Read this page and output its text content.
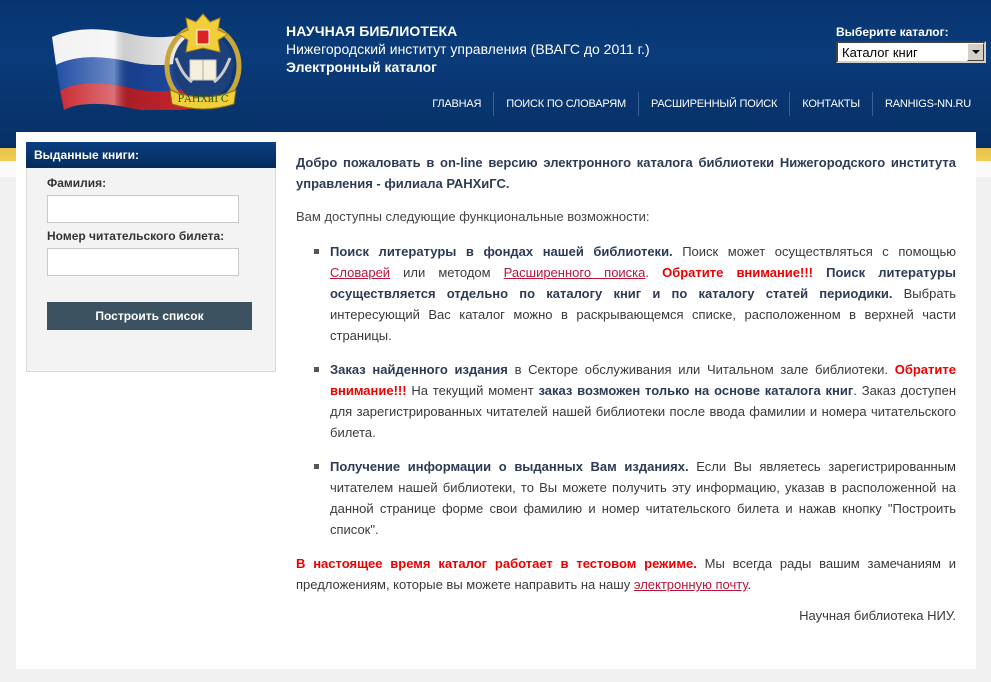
РАНХиГС
НАУЧНАЯ БИБЛИОТЕКА
Нижегородский институт управления (ВВАГС до 2011 г.)
Электронный каталог
Выберите каталог:
Каталог книг
ГЛАВНАЯ	ПОИСК ПО СЛОВАРЯМ	РАСШИРЕННЫЙ ПОИСК	КОНТАКТЫ	RANHIGS-NN.RU
Выданные книги:
Фамилия:
Номер читательского билета:
Построить список

Добро пожаловать в on-line версию электронного каталога библиотеки Нижегородского института управления - филиала РАНХиГС.

Вам доступны следующие функциональные возможности:

Поиск литературы в фондах нашей библиотеки. Поиск может осуществляться с помощью Словарей или методом Расширенного поиска. Обратите внимание!!! Поиск литературы осуществляется отдельно по каталогу книг и по каталогу статей периодики. Выбрать интересующий Вас каталог можно в раскрывающемся списке, расположенном в верхней части страницы.
Заказ найденного издания в Секторе обслуживания или Читальном зале библиотеки. Обратите внимание!!! На текущий момент заказ возможен только на основе каталога книг. Заказ доступен для зарегистрированных читателей нашей библиотеки после ввода фамилии и номера читательского билета.
Получение информации о выданных Вам изданиях. Если Вы являетесь зарегистрированным читателем нашей библиотеки, то Вы можете получить эту информацию, указав в расположенной на данной странице форме свои фамилию и номер читательского билета и нажав кнопку "Построить список".

В настоящее время каталог работает в тестовом режиме. Мы всегда рады вашим замечаниям и предложениям, которые вы можете направить на нашу электронную почту.

Научная библиотека НИУ.
